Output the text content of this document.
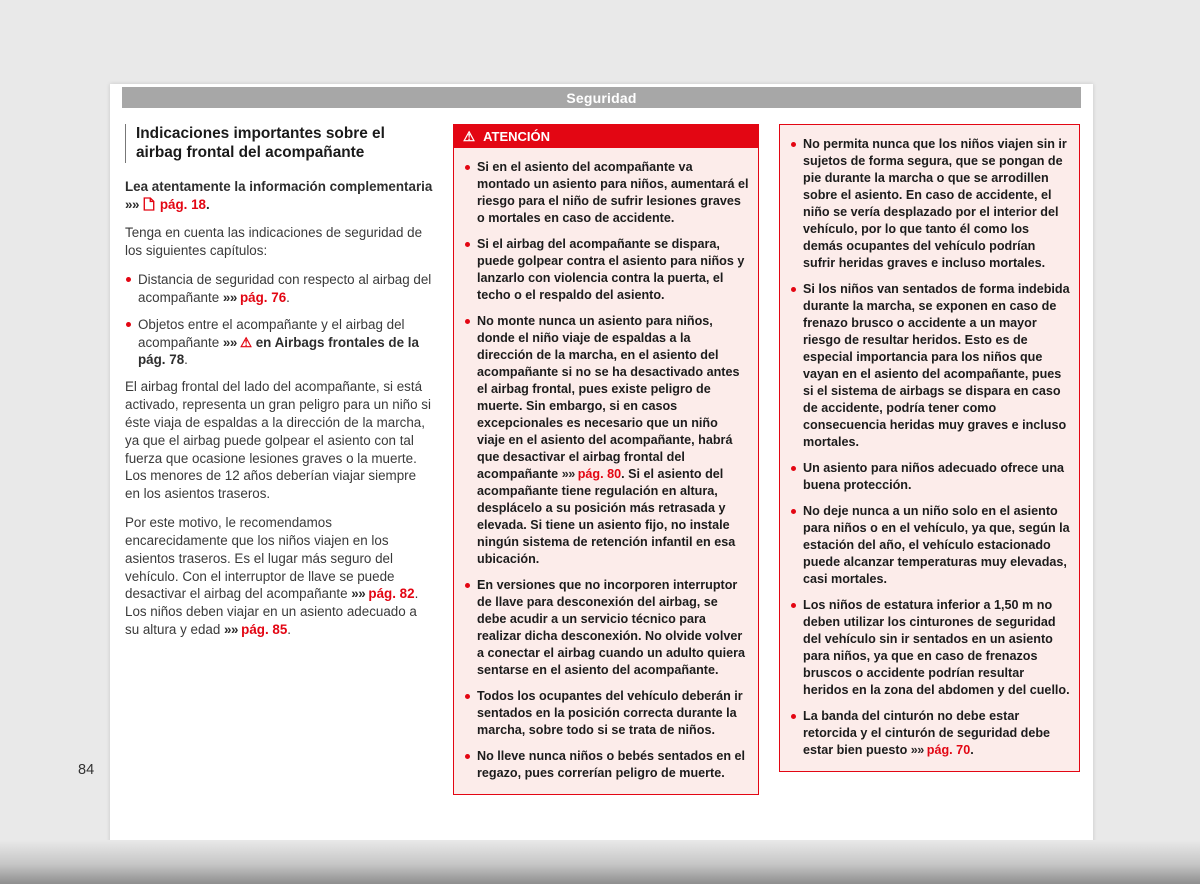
Seguridad
Indicaciones importantes sobre el airbag frontal del acompañante
Lea atentamente la información complementaria »»  pág. 18.
Tenga en cuenta las indicaciones de seguridad de los siguientes capítulos:
Distancia de seguridad con respecto al airbag del acompañante »» pág. 76.
Objetos entre el acompañante y el airbag del acompañante »» ⚠ en Airbags frontales de la pág. 78.
El airbag frontal del lado del acompañante, si está activado, representa un gran peligro para un niño si éste viaja de espaldas a la dirección de la marcha, ya que el airbag puede golpear el asiento con tal fuerza que ocasione lesiones graves o la muerte. Los menores de 12 años deberían viajar siempre en los asientos traseros.
Por este motivo, le recomendamos encarecidamente que los niños viajen en los asientos traseros. Es el lugar más seguro del vehículo. Con el interruptor de llave se puede desactivar el airbag del acompañante »» pág. 82. Los niños deben viajar en un asiento adecuado a su altura y edad »» pág. 85.
⚠ ATENCIÓN
Si en el asiento del acompañante va montado un asiento para niños, aumentará el riesgo para el niño de sufrir lesiones graves o mortales en caso de accidente.
Si el airbag del acompañante se dispara, puede golpear contra el asiento para niños y lanzarlo con violencia contra la puerta, el techo o el respaldo del asiento.
No monte nunca un asiento para niños, donde el niño viaje de espaldas a la dirección de la marcha, en el asiento del acompañante si no se ha desactivado antes el airbag frontal, pues existe peligro de muerte. Sin embargo, si en casos excepcionales es necesario que un niño viaje en el asiento del acompañante, habrá que desactivar el airbag frontal del acompañante »» pág. 80. Si el asiento del acompañante tiene regulación en altura, desplácelo a su posición más retrasada y elevada. Si tiene un asiento fijo, no instale ningún sistema de retención infantil en esa ubicación.
En versiones que no incorporen interruptor de llave para desconexión del airbag, se debe acudir a un servicio técnico para realizar dicha desconexión. No olvide volver a conectar el airbag cuando un adulto quiera sentarse en el asiento del acompañante.
Todos los ocupantes del vehículo deberán ir sentados en la posición correcta durante la marcha, sobre todo si se trata de niños.
No lleve nunca niños o bebés sentados en el regazo, pues correrían peligro de muerte.
No permita nunca que los niños viajen sin ir sujetos de forma segura, que se pongan de pie durante la marcha o que se arrodillen sobre el asiento. En caso de accidente, el niño se vería desplazado por el interior del vehículo, por lo que tanto él como los demás ocupantes del vehículo podrían sufrir heridas graves e incluso mortales.
Si los niños van sentados de forma indebida durante la marcha, se exponen en caso de frenazo brusco o accidente a un mayor riesgo de resultar heridos. Esto es de especial importancia para los niños que vayan en el asiento del acompañante, pues si el sistema de airbags se dispara en caso de accidente, podría tener como consecuencia heridas muy graves e incluso mortales.
Un asiento para niños adecuado ofrece una buena protección.
No deje nunca a un niño solo en el asiento para niños o en el vehículo, ya que, según la estación del año, el vehículo estacionado puede alcanzar temperaturas muy elevadas, casi mortales.
Los niños de estatura inferior a 1,50 m no deben utilizar los cinturones de seguridad del vehículo sin ir sentados en un asiento para niños, ya que en caso de frenazos bruscos o accidente podrían resultar heridos en la zona del abdomen y del cuello.
La banda del cinturón no debe estar retorcida y el cinturón de seguridad debe estar bien puesto »» pág. 70.
84
